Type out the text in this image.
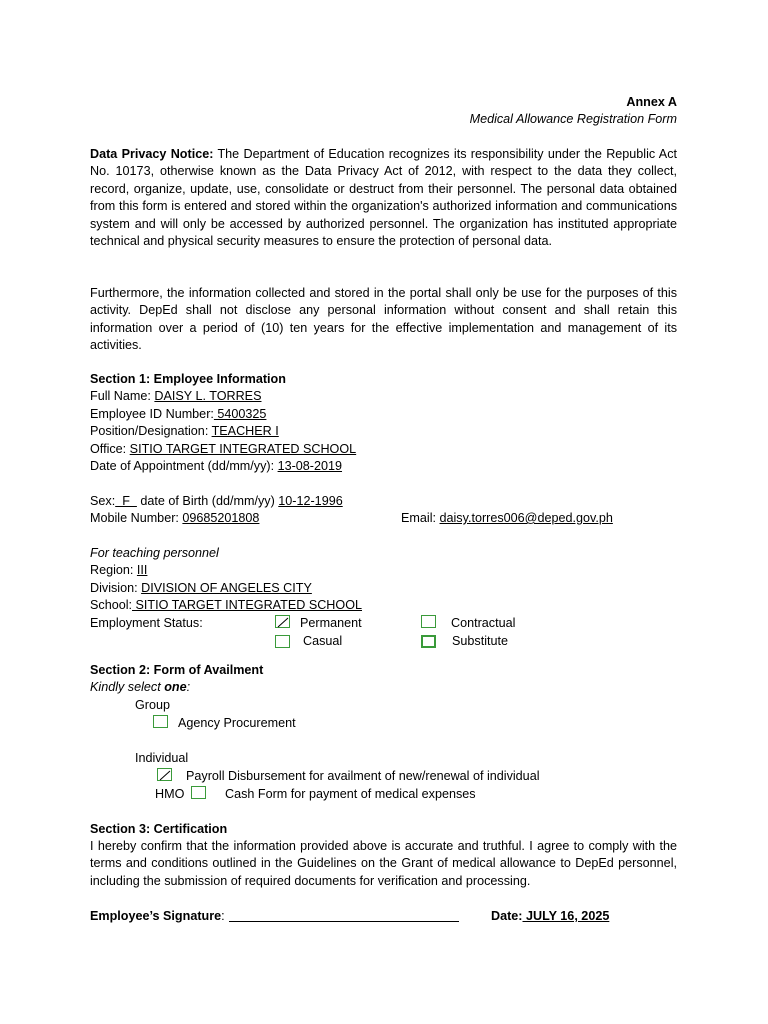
Annex A
Medical Allowance Registration Form
Data Privacy Notice: The Department of Education recognizes its responsibility under the Republic Act No. 10173, otherwise known as the Data Privacy Act of 2012, with respect to the data they collect, record, organize, update, use, consolidate or destruct from their personnel. The personal data obtained from this form is entered and stored within the organization's authorized information and communications system and will only be accessed by authorized personnel. The organization has instituted appropriate technical and physical security measures to ensure the protection of personal data.
Furthermore, the information collected and stored in the portal shall only be use for the purposes of this activity. DepEd shall not disclose any personal information without consent and shall retain this information over a period of (10) ten years for the effective implementation and management of its activities.
Section 1: Employee Information
Full Name: DAISY L. TORRES
Employee ID Number: 5400325
Position/Designation: TEACHER I
Office: SITIO TARGET INTEGRATED SCHOOL
Date of Appointment (dd/mm/yy): 13-08-2019
Sex:  F   date of Birth (dd/mm/yy) 10-12-1996
Mobile Number: 09685201808	Email: daisy.torres006@deped.gov.ph
For teaching personnel
Region: III
Division: DIVISION OF ANGELES CITY
School: SITIO TARGET INTEGRATED SCHOOL
Employment Status:	Permanent	Contractual
Casual	Substitute
Section 2: Form of Availment
Kindly select one:
Group
Agency Procurement
Individual
Payroll Disbursement for availment of new/renewal of individual
HMO	Cash Form for payment of medical expenses
Section 3: Certification
I hereby confirm that the information provided above is accurate and truthful. I agree to comply with the terms and conditions outlined in the Guidelines on the Grant of medical allowance to DepEd personnel, including the submission of required documents for verification and processing.
Employee’s Signature:	Date: JULY 16, 2025
